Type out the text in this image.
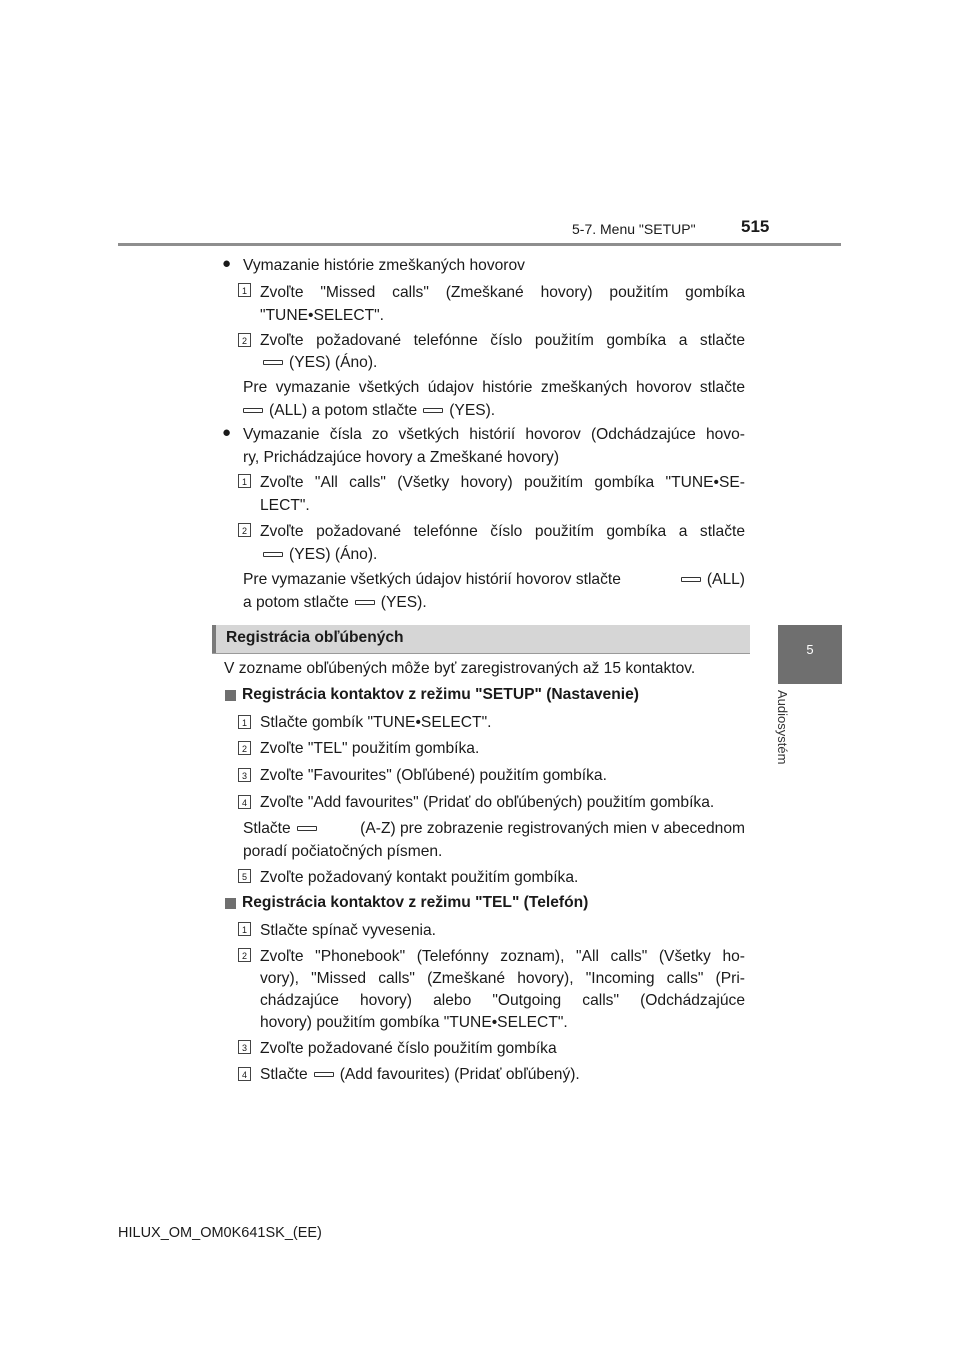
5-7. Menu "SETUP"	515
5
Audiosystém
● Vymazanie histórie zmeškaných hovorov
1 Zvoľte "Missed calls" (Zmeškané hovory) použitím gombíka
"TUNE•SELECT".
2 Zvoľte požadované telefónne číslo použitím gombíka a stlačte
(YES) (Áno).
Pre vymazanie všetkých údajov histórie zmeškaných hovorov stlačte
(ALL) a potom stlačte (YES).
● Vymazanie čísla zo všetkých histórií hovorov (Odchádzajúce hovo-
ry, Prichádzajúce hovory a Zmeškané hovory)
1 Zvoľte "All calls" (Všetky hovory) použitím gombíka "TUNE•SE-
LECT".
2 Zvoľte požadované telefónne číslo použitím gombíka a stlačte
(YES) (Áno).
Pre vymazanie všetkých údajov histórií hovorov stlačte	(ALL)
a potom stlačte (YES).
Registrácia obľúbených
V zozname obľúbených môže byť zaregistrovaných až 15 kontaktov.
Registrácia kontaktov z režimu "SETUP" (Nastavenie)
1 Stlačte gombík "TUNE•SELECT".
2 Zvoľte "TEL" použitím gombíka.
3 Zvoľte "Favourites" (Obľúbené) použitím gombíka.
4 Zvoľte "Add favourites" (Pridať do obľúbených) použitím gombíka.
Stlačte	(A-Z) pre zobrazenie registrovaných mien v abecednom
poradí počiatočných písmen.
5 Zvoľte požadovaný kontakt použitím gombíka.
Registrácia kontaktov z režimu "TEL" (Telefón)
1 Stlačte spínač vyvesenia.
2 Zvoľte "Phonebook" (Telefónny zoznam), "All calls" (Všetky ho-
vory), "Missed calls" (Zmeškané hovory), "Incoming calls" (Pri-
chádzajúce hovory) alebo "Outgoing calls" (Odchádzajúce
hovory) použitím gombíka "TUNE•SELECT".
3 Zvoľte požadované číslo použitím gombíka
4 Stlačte (Add favourites) (Pridať obľúbený).
HILUX_OM_OM0K641SK_(EE)
